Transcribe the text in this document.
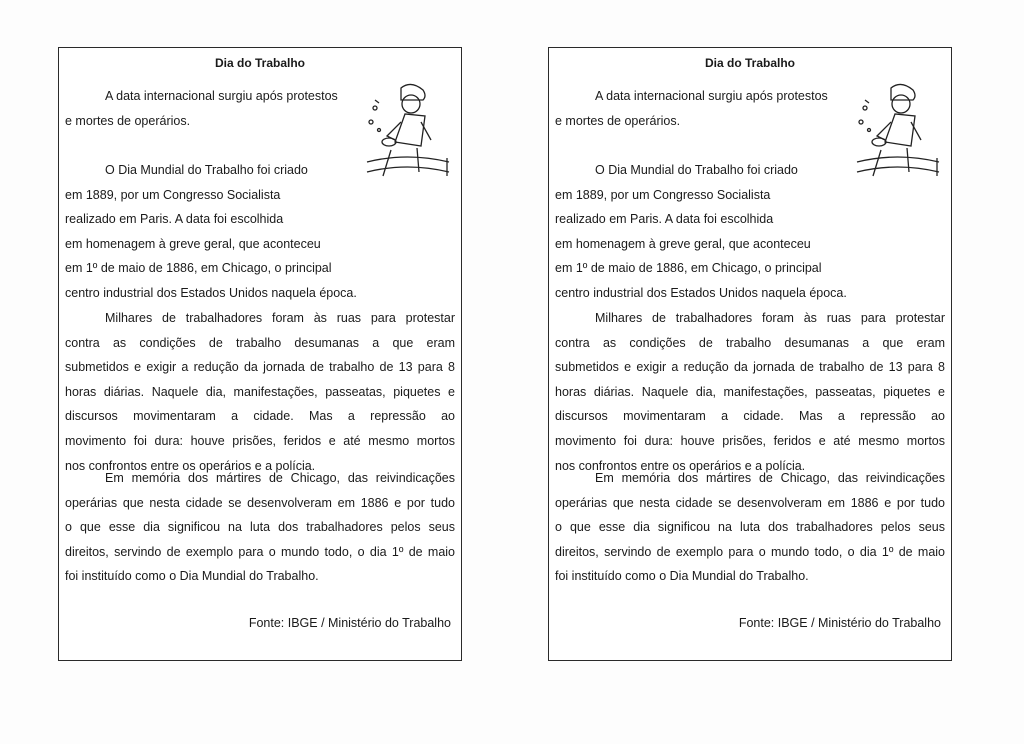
Dia do Trabalho
A data internacional surgiu após protestos
e mortes de operários.
O Dia Mundial do Trabalho foi criado
em 1889, por um Congresso Socialista
realizado em Paris. A data foi escolhida
em homenagem à greve geral, que aconteceu
em 1º de maio de 1886, em Chicago, o principal
centro industrial dos Estados Unidos naquela época.
Milhares de trabalhadores foram às ruas para protestar
contra as condições de trabalho desumanas a que eram
submetidos e exigir a redução da jornada de trabalho de 13 para 8
horas diárias. Naquele dia, manifestações, passeatas, piquetes e
discursos movimentaram a cidade. Mas a repressão ao
movimento foi dura: houve prisões, feridos e até mesmo mortos
nos confrontos entre os operários e a polícia.
Em memória dos mártires de Chicago, das reivindicações
operárias que nesta cidade se desenvolveram em 1886 e por tudo
o que esse dia significou na luta dos trabalhadores pelos seus
direitos, servindo de exemplo para o mundo todo, o dia 1º de maio
foi instituído como o Dia Mundial do Trabalho.
Fonte: IBGE / Ministério do Trabalho
Dia do Trabalho
A data internacional surgiu após protestos
e mortes de operários.
O Dia Mundial do Trabalho foi criado
em 1889, por um Congresso Socialista
realizado em Paris. A data foi escolhida
em homenagem à greve geral, que aconteceu
em 1º de maio de 1886, em Chicago, o principal
centro industrial dos Estados Unidos naquela época.
Milhares de trabalhadores foram às ruas para protestar
contra as condições de trabalho desumanas a que eram
submetidos e exigir a redução da jornada de trabalho de 13 para 8
horas diárias. Naquele dia, manifestações, passeatas, piquetes e
discursos movimentaram a cidade. Mas a repressão ao
movimento foi dura: houve prisões, feridos e até mesmo mortos
nos confrontos entre os operários e a polícia.
Em memória dos mártires de Chicago, das reivindicações
operárias que nesta cidade se desenvolveram em 1886 e por tudo
o que esse dia significou na luta dos trabalhadores pelos seus
direitos, servindo de exemplo para o mundo todo, o dia 1º de maio
foi instituído como o Dia Mundial do Trabalho.
Fonte: IBGE / Ministério do Trabalho
